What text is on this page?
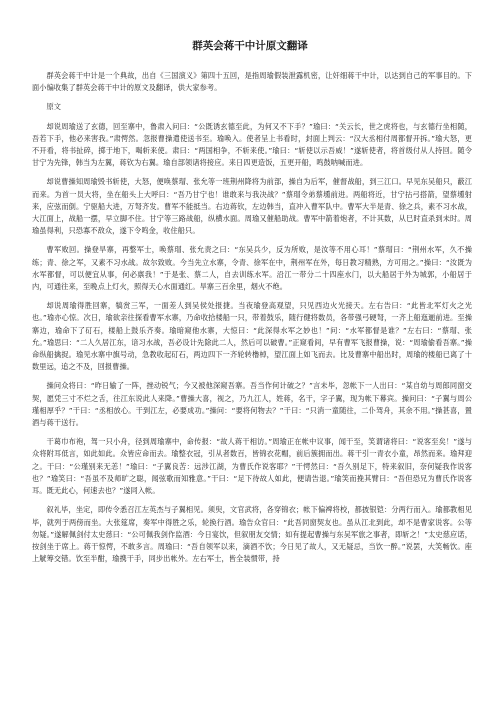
群英会蒋干中计原文翻译

群英会蒋干中计是一个典故，出自《三国演义》第四十五回，是指周瑜假装泄露机密，让奸细蒋干中计，以达到自己的军事目的。下面小编收集了群英会蒋干中计的原文及翻译，供大家参考。

原文

却说周瑜送了玄德，回至寨中，鲁肃入问曰：“公既诱玄德至此，为何又不下手？”瑜曰：“关云长，世之虎将也，与玄德行坐相随，吾若下手，他必来害我。”肃愕然。忽报曹操遣使送书至。瑜唤入。使者呈上书看时，封面上判云：“汉大丞相付周都督开拆。”瑜大怒，更不开看，将书扯碎，掷于地下，喝斩来使。肃曰：“两国相争，不斩来使。”瑜曰：“斩使以示吾威！”遂斩使者，将首级付从人持回。随令甘宁为先锋，韩当为左翼，蒋钦为右翼。瑜自部领诸将接应。来日四更造饭，五更开船，鸣鼓呐喊而进。

却说曹操知周瑜毁书斩使，大怒，便唤蔡瑁、张允等一班荆州降将为前部，操自为后军，催督战船，到三江口。早见东吴船只，蔽江而来。为首一员大将，坐在船头上大呼曰：“吾乃甘宁也！谁敢来与我决战？”蔡瑁令弟蔡壎前进。两船将近，甘宁拈弓搭箭，望蔡壎射来，应弦而倒。宁驱船大进，万弩齐发。曹军不能抵当。右边蒋钦，左边韩当，直冲入曹军队中。曹军大半是青、徐之兵，素不习水战，大江面上，战船一摆，早立脚不住。甘宁等三路战船，纵横水面。周瑜又催船助战。曹军中箭着炮者，不计其数，从巳时直杀到未时。周瑜虽得利，只恐寡不敌众，遂下令鸣金，收住船只。

曹军败回。操登旱寨，再整军士，唤蔡瑁、张允责之曰：“东吴兵少，反为所败，是汝等不用心耳！”蔡瑁曰：“荆州水军，久不操练；青、徐之军，又素不习水战。故尔致败。今当先立水寨，令青、徐军在中，荆州军在外，每日教习精熟，方可用之。”操曰：“汝既为水军都督，可以便宜从事，何必禀我！”于是张、蔡二人，自去训练水军。沿江一带分二十四座水门，以大船居于外为城郭，小船居于内，可通往来，至晚点上灯火，照得天心水面通红。旱寨三百余里，烟火不绝。

却说周瑜得胜回寨，犒赏三军，一面差人到吴侯处报捷。当夜瑜登高观望，只见西边火光接天。左右告曰：“此皆北军灯火之光也。”瑜亦心惊。次日，瑜欲亲往探看曹军水寨，乃命收拾楼船一只，带着鼓乐，随行健将数员，各带强弓硬弩，一齐上船迤逦前进。至操寨边，瑜命下了矴石，楼船上鼓乐齐奏。瑜暗窥他水寨，大惊曰：“此深得水军之妙也！”问：“水军都督是谁？”左右曰：“蔡瑁、张允。”瑜思曰：“二人久居江东，谙习水战，吾必设计先除此二人，然后可以破曹。”正窥看间，早有曹军飞报曹操，说：“周瑜偷看吾寨。”操命纵船擒捉。瑜见水寨中旗号动，急教收起矴石，两边四下一齐轮转橹棹，望江面上如飞而去。比及曹寨中船出时，周瑜的楼船已离了十数里远，追之不及，回报曹操。

操问众将曰：“昨日输了一阵，挫动锐气；今又被他深窥吾寨。吾当作何计破之？”言未毕，忽帐下一人出曰：“某自幼与周郎同窗交契，愿凭三寸不烂之舌，往江东说此人来降。”曹操大喜，视之，乃九江人，姓蒋，名干，字子翼，现为帐下幕宾。操问曰：“子翼与周公瑾相厚乎？”干曰：“丞相放心。干到江左，必要成功。”操问：“要将何物去？”干曰：“只消一童随往，二仆驾舟，其余不用。”操甚喜，置酒与蒋干送行。

干葛巾布袍，驾一只小舟，径到周瑜寨中，命传报：“故人蒋干相访。”周瑜正在帐中议事，闻干至，笑谓诸将曰：“说客至矣！”遂与众将附耳低言，如此如此。众皆应命而去。瑜整衣冠，引从者数百，皆锦衣花帽，前后簇拥而出。蒋干引一青衣小童，昂然而来。瑜拜迎之。干曰：“公瑾别来无恙！”瑜曰：“子翼良苦：远涉江湖，为曹氏作说客耶？”干愕然曰：“吾久别足下，特来叙旧，奈何疑我作说客也？”瑜笑曰：“吾虽不及师旷之聪，闻弦歌而知雅意。”干曰：“足下待故人如此，便请告退。”瑜笑而挽其臂曰：“吾但恐兄为曹氏作说客耳。既无此心，何速去也？”遂同入帐。

叙礼毕，坐定，即传令悉召江左英杰与子翼相见。须臾，文官武将，各穿锦衣；帐下偏裨将校，都披银铠：分两行而入。瑜都教相见毕，就列于两傍而坐。大张筵席，奏军中得胜之乐，轮换行酒。瑜告众官曰：“此吾同窗契友也。虽从江北到此，却不是曹家说客。公等勿疑。”遂解佩剑付太史慈曰：“公可佩我剑作监酒：今日宴饮，但叙朋友交情；如有提起曹操与东吴军旅之事者，即斩之！”太史慈应诺，按剑坐于席上。蒋干惊愕，不敢多言。周瑜曰：“吾自领军以来，滴酒不饮；今日见了故人，又无疑忌，当饮一醉。”说罢，大笑畅饮。座上觥筹交错。饮至半酣，瑜携干手，同步出帐外。左右军士，皆全装惯带，持
